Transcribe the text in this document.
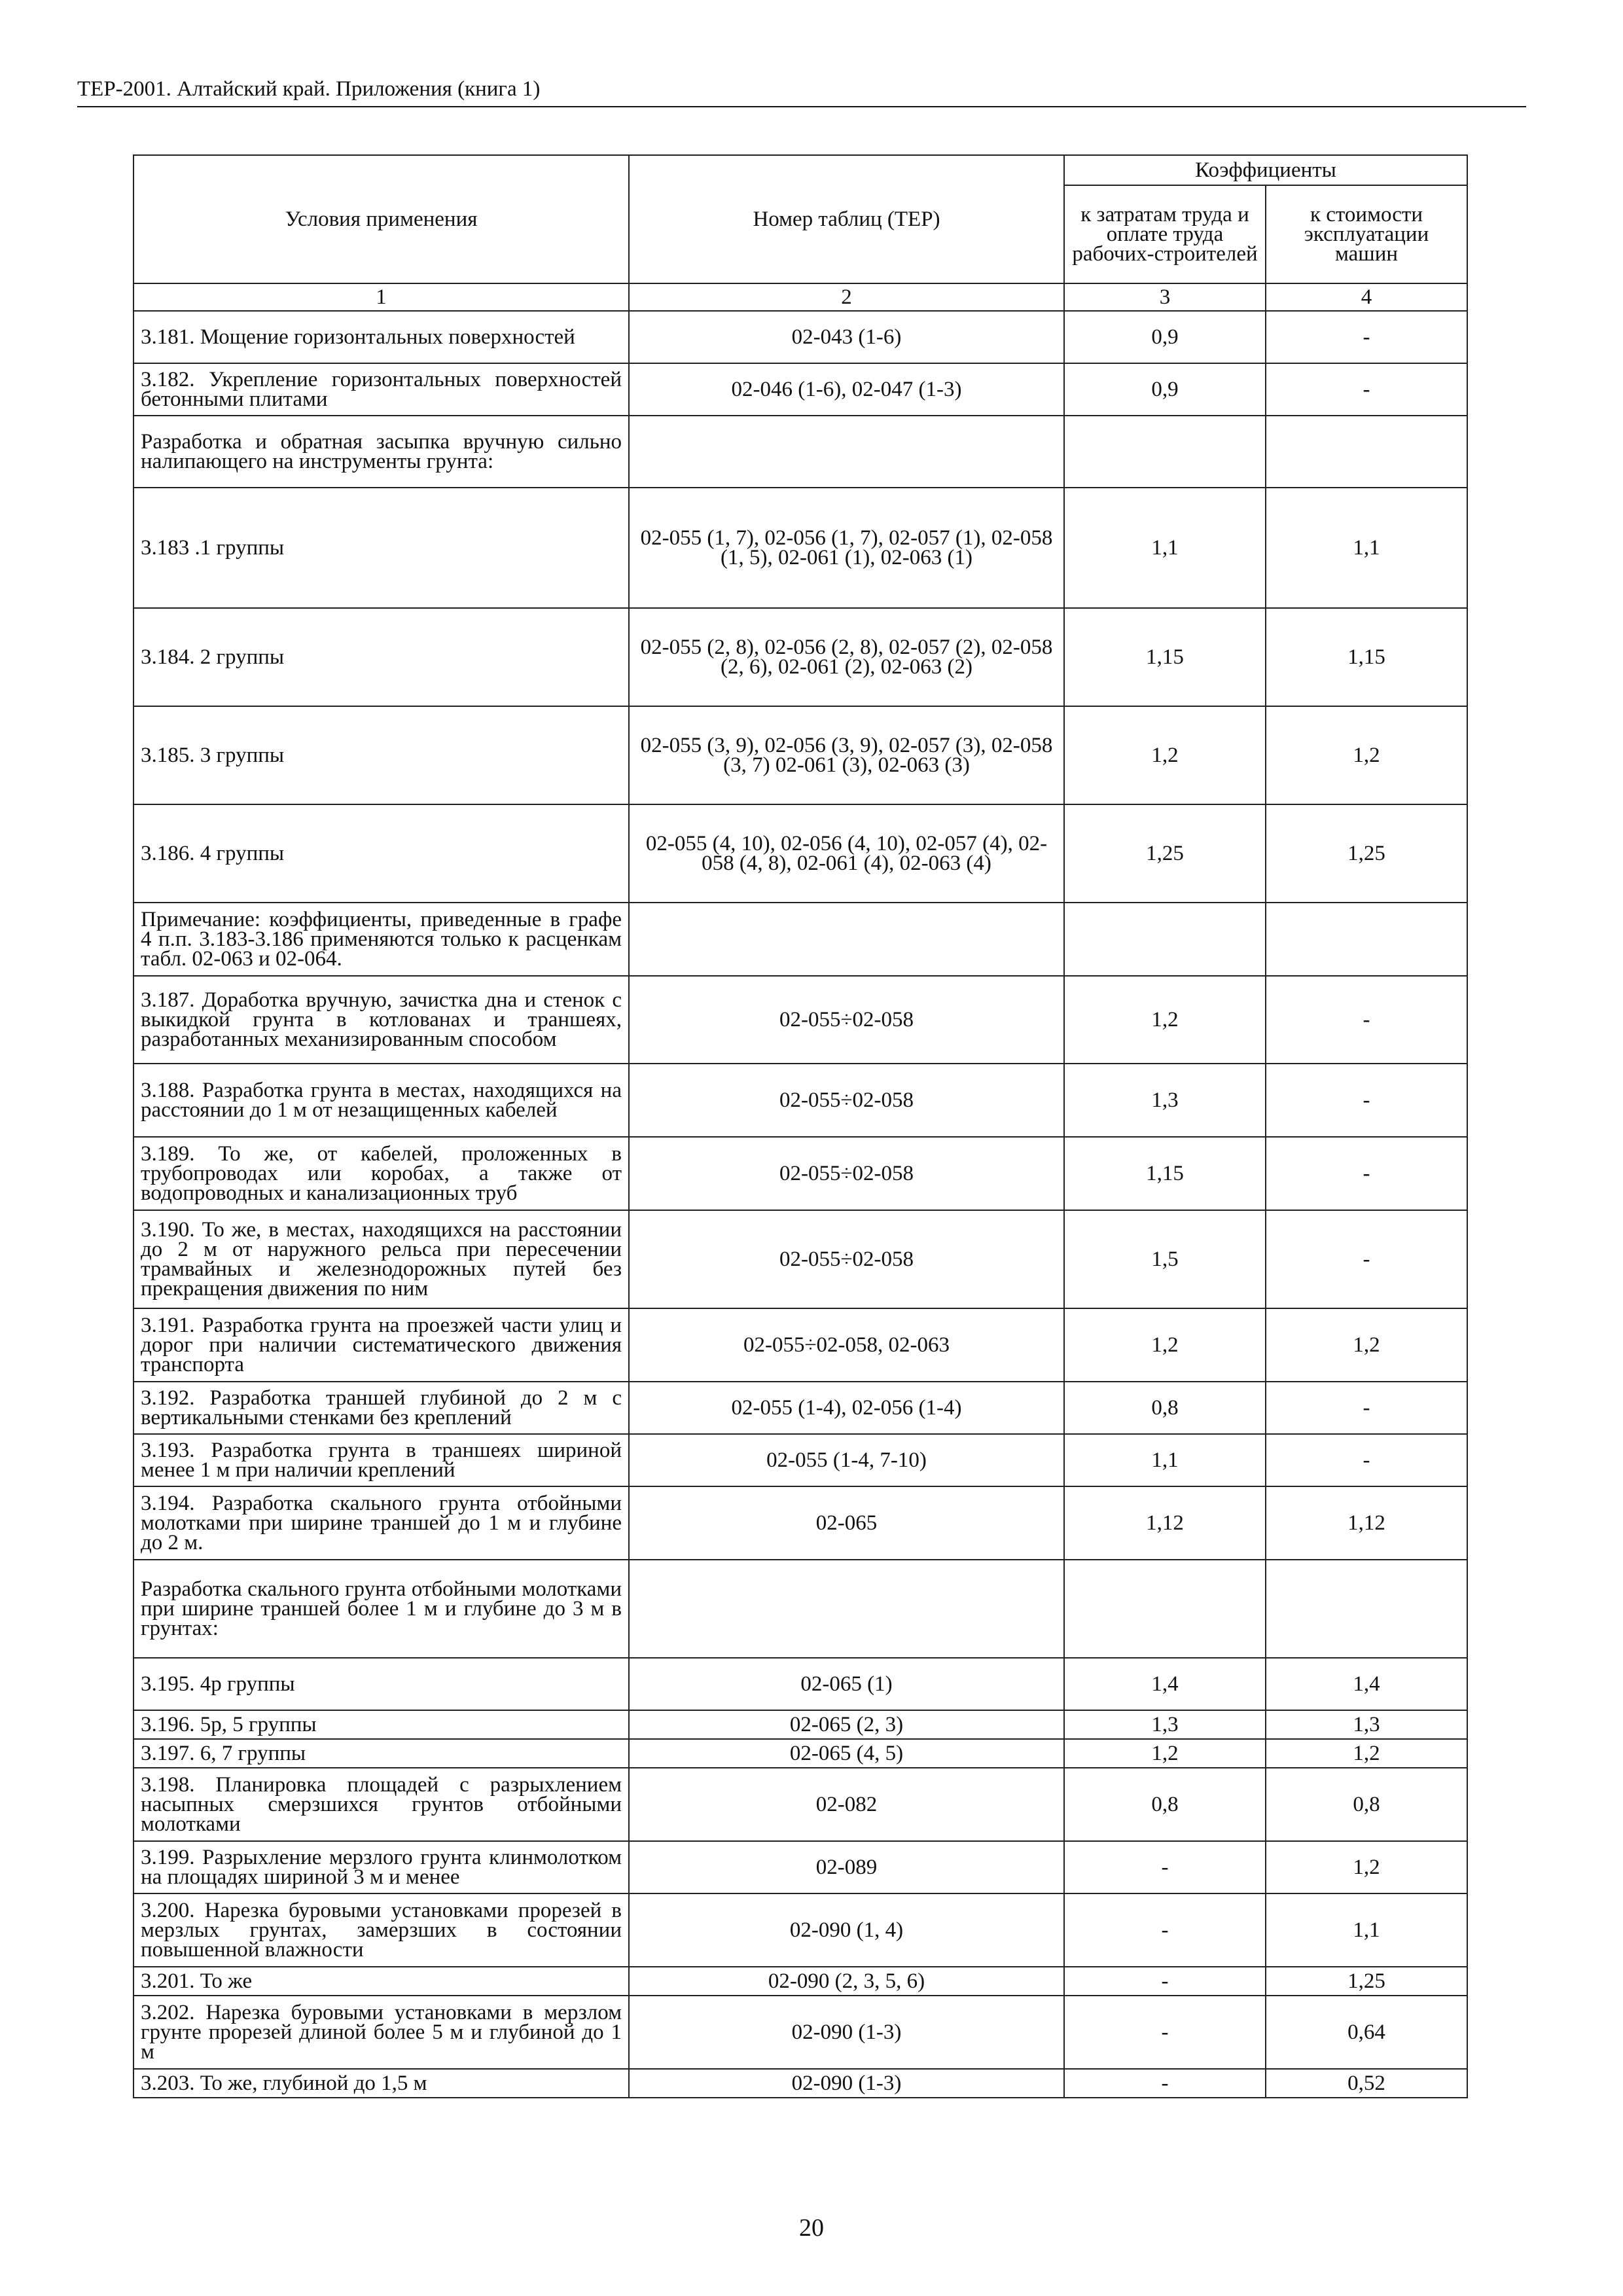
ТЕР-2001. Алтайский край. Приложения (книга 1)
Условия применения	Номер таблиц (ТЕР)	Коэффициенты	
		к затратам труда и оплате труда рабочих-строителей	к стоимости эксплуатации машин
1	2	3	4
3.181. Мощение горизонтальных поверхностей	02-043 (1-6)	0,9	-
3.182. Укрепление горизонтальных поверхностей бетонными плитами	02-046 (1-6), 02-047 (1-3)	0,9	-
Разработка и обратная засыпка вручную сильно налипающего на инструменты грунта:			
3.183 .1 группы	02-055 (1, 7), 02-056 (1, 7), 02-057 (1), 02-058 (1, 5), 02-061 (1), 02-063 (1)	1,1	1,1
3.184. 2 группы	02-055 (2, 8), 02-056 (2, 8), 02-057 (2), 02-058 (2, 6), 02-061 (2), 02-063 (2)	1,15	1,15
3.185. 3 группы	02-055 (3, 9), 02-056 (3, 9), 02-057 (3), 02-058 (3, 7) 02-061 (3), 02-063 (3)	1,2	1,2
3.186. 4 группы	02-055 (4, 10), 02-056 (4, 10), 02-057 (4), 02-058 (4, 8), 02-061 (4), 02-063 (4)	1,25	1,25
Примечание: коэффициенты, приведенные в графе 4 п.п. 3.183-3.186 применяются только к расценкам табл. 02-063 и 02-064.			
3.187. Доработка вручную, зачистка дна и стенок с выкидкой грунта в котлованах и траншеях, разработанных механизированным способом	02-055÷02-058	1,2	-
3.188. Разработка грунта в местах, находящихся на расстоянии до 1 м от незащищенных кабелей	02-055÷02-058	1,3	-
3.189. То же, от кабелей, проложенных в трубопроводах или коробах, а также от водопроводных и канализационных труб	02-055÷02-058	1,15	-
3.190. То же, в местах, находящихся на расстоянии до 2 м от наружного рельса при пересечении трамвайных и железнодорожных путей без прекращения движения по ним	02-055÷02-058	1,5	-
3.191. Разработка грунта на проезжей части улиц и дорог при наличии систематического движения транспорта	02-055÷02-058, 02-063	1,2	1,2
3.192. Разработка траншей глубиной до 2 м с вертикальными стенками без креплений	02-055 (1-4), 02-056 (1-4)	0,8	-
3.193. Разработка грунта в траншеях шириной менее 1 м при наличии креплений	02-055 (1-4, 7-10)	1,1	-
3.194. Разработка скального грунта отбойными молотками при ширине траншей до 1 м и глубине до 2 м.	02-065	1,12	1,12
Разработка скального грунта отбойными молотками при ширине траншей более 1 м и глубине до 3 м в грунтах:			
3.195. 4р группы	02-065 (1)	1,4	1,4
3.196. 5р, 5 группы	02-065 (2, 3)	1,3	1,3
3.197. 6, 7 группы	02-065 (4, 5)	1,2	1,2
3.198. Планировка площадей с разрыхлением насыпных смерзшихся грунтов отбойными молотками	02-082	0,8	0,8
3.199. Разрыхление мерзлого грунта клинмолотком на площадях шириной 3 м и менее	02-089	-	1,2
3.200. Нарезка буровыми установками прорезей в мерзлых грунтах, замерзших в состоянии повышенной влажности	02-090 (1, 4)	-	1,1
3.201. То же	02-090 (2, 3, 5, 6)	-	1,25
3.202. Нарезка буровыми установками в мерзлом грунте прорезей длиной более 5 м и глубиной до 1 м	02-090 (1-3)	-	0,64
3.203. То же, глубиной до 1,5 м	02-090 (1-3)	-	0,52
20
